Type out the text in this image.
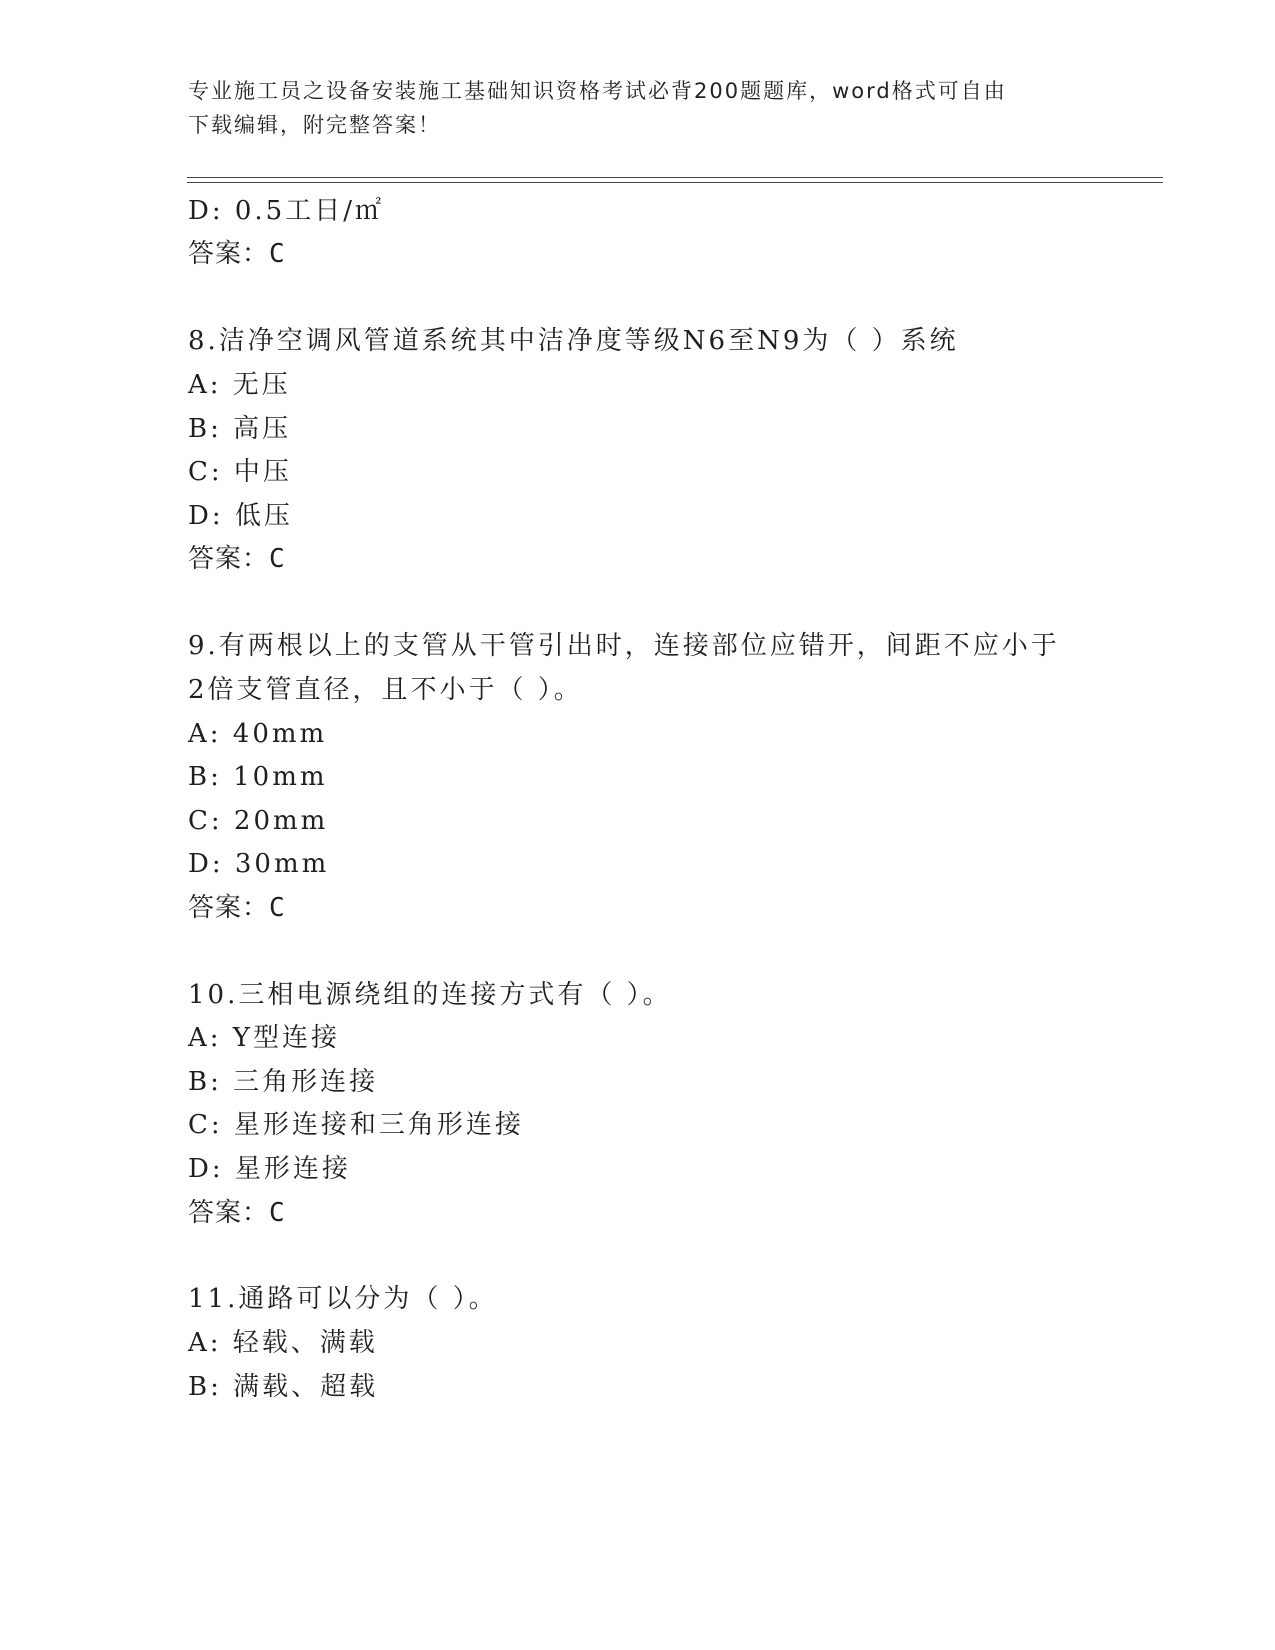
专业施工员之设备安装施工基础知识资格考试必背200题题库，word格式可自由
下载编辑，附完整答案！
D: 0.5工日/㎡
答案：C
8.洁净空调风管道系统其中洁净度等级N6至N9为（ ）系统
A: 无压
B: 高压
C: 中压
D: 低压
答案：C
9.有两根以上的支管从干管引出时，连接部位应错开，间距不应小于
2倍支管直径，且不小于（ ）。
A: 40mm
B: 10mm
C: 20mm
D: 30mm
答案：C
10.三相电源绕组的连接方式有（ ）。
A: Y型连接
B: 三角形连接
C: 星形连接和三角形连接
D: 星形连接
答案：C
11.通路可以分为（ ）。
A: 轻载、满载
B: 满载、超载
